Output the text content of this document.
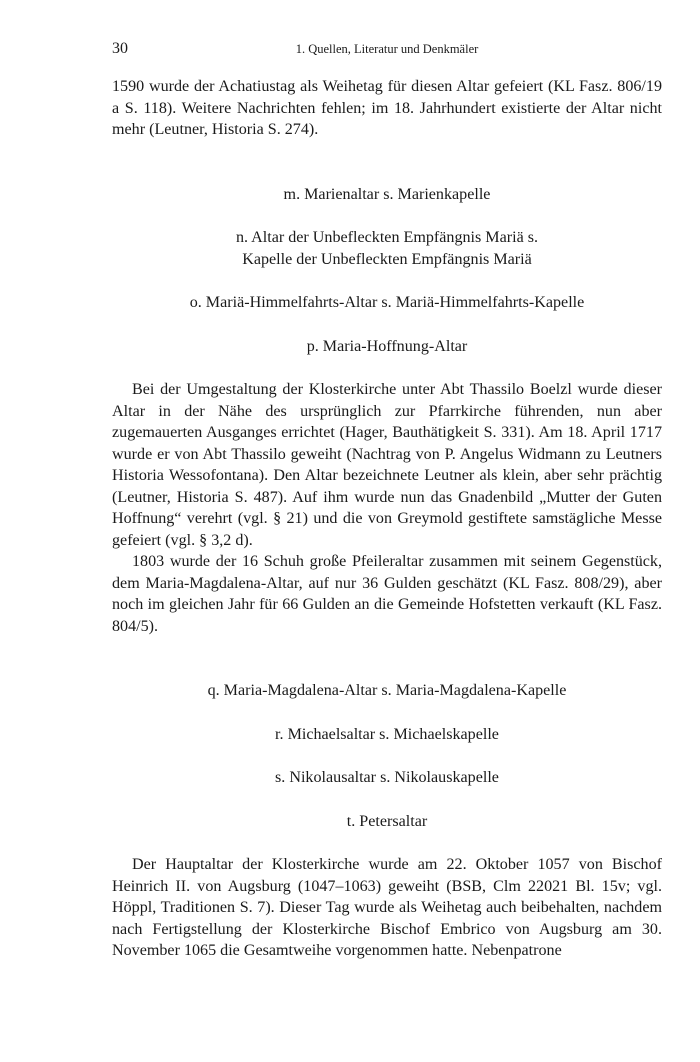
30	1. Quellen, Literatur und Denkmäler

1590 wurde der Achatiustag als Weihetag für diesen Altar gefeiert (KL Fasz. 806/19 a S. 118). Weitere Nachrichten fehlen; im 18. Jahrhundert existierte der Altar nicht mehr (Leutner, Historia S. 274).

m. Marienaltar s. Marienkapelle
n. Altar der Unbefleckten Empfängnis Mariä s.
Kapelle der Unbefleckten Empfängnis Mariä
o. Mariä-Himmelfahrts-Altar s. Mariä-Himmelfahrts-Kapelle
p. Maria-Hoffnung-Altar

Bei der Umgestaltung der Klosterkirche unter Abt Thassilo Boelzl wurde dieser Altar in der Nähe des ursprünglich zur Pfarrkirche führenden, nun aber zugemauerten Ausganges errichtet (Hager, Bauthätigkeit S. 331). Am 18. April 1717 wurde er von Abt Thassilo geweiht (Nachtrag von P. Angelus Widmann zu Leutners Historia Wessofontana). Den Altar bezeichnete Leutner als klein, aber sehr prächtig (Leutner, Historia S. 487). Auf ihm wurde nun das Gnadenbild „Mutter der Guten Hoffnung“ verehrt (vgl. § 21) und die von Greymold gestiftete samstägliche Messe gefeiert (vgl. § 3,2 d).

1803 wurde der 16 Schuh große Pfeileraltar zusammen mit seinem Gegenstück, dem Maria-Magdalena-Altar, auf nur 36 Gulden geschätzt (KL Fasz. 808/​29), aber noch im gleichen Jahr für 66 Gulden an die Gemeinde Hofstetten verkauft (KL Fasz. 804/5).

q. Maria-Magdalena-Altar s. Maria-Magdalena-Kapelle
r. Michaelsaltar s. Michaelskapelle
s. Nikolausaltar s. Nikolauskapelle
t. Petersaltar

Der Hauptaltar der Klosterkirche wurde am 22. Oktober 1057 von Bischof Heinrich II. von Augsburg (1047–1063) geweiht (BSB, Clm 22021 Bl. 15v; vgl. Höppl, Traditionen S. 7). Dieser Tag wurde als Weihetag auch beibehalten, nachdem nach Fertigstellung der Klosterkirche Bischof Embrico von Augsburg am 30. November 1065 die Gesamtweihe vorgenommen hatte. Nebenpatrone
